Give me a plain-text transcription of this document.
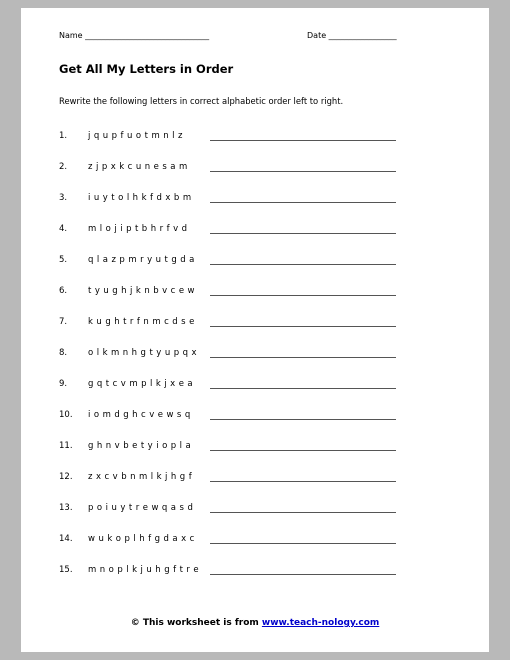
Name _______________________________	Date _________________
Get All My Letters in Order
Rewrite the following letters in correct alphabetic order left to right.
1. j q u p f u o t m n l z
2. z j p x k c u n e s a m
3. i u y t o l h k f d x b m
4. m l o j i p t b h r f v d
5. q l a z p m r y u t g d a
6. t y u g h j k n b v c e w
7. k u g h t r f n m c d s e
8. o l k m n h g t y u p q x
9. g q t c v m p l k j x e a
10. i o m d g h c v e w s q
11. g h n v b e t y i o p l a
12. z x c v b n m l k j h g f
13. p o i u y t r e w q a s d
14. w u k o p l h f g d a x c
15. m n o p l k j u h g f t r e
© This worksheet is from www.teach-nology.com
